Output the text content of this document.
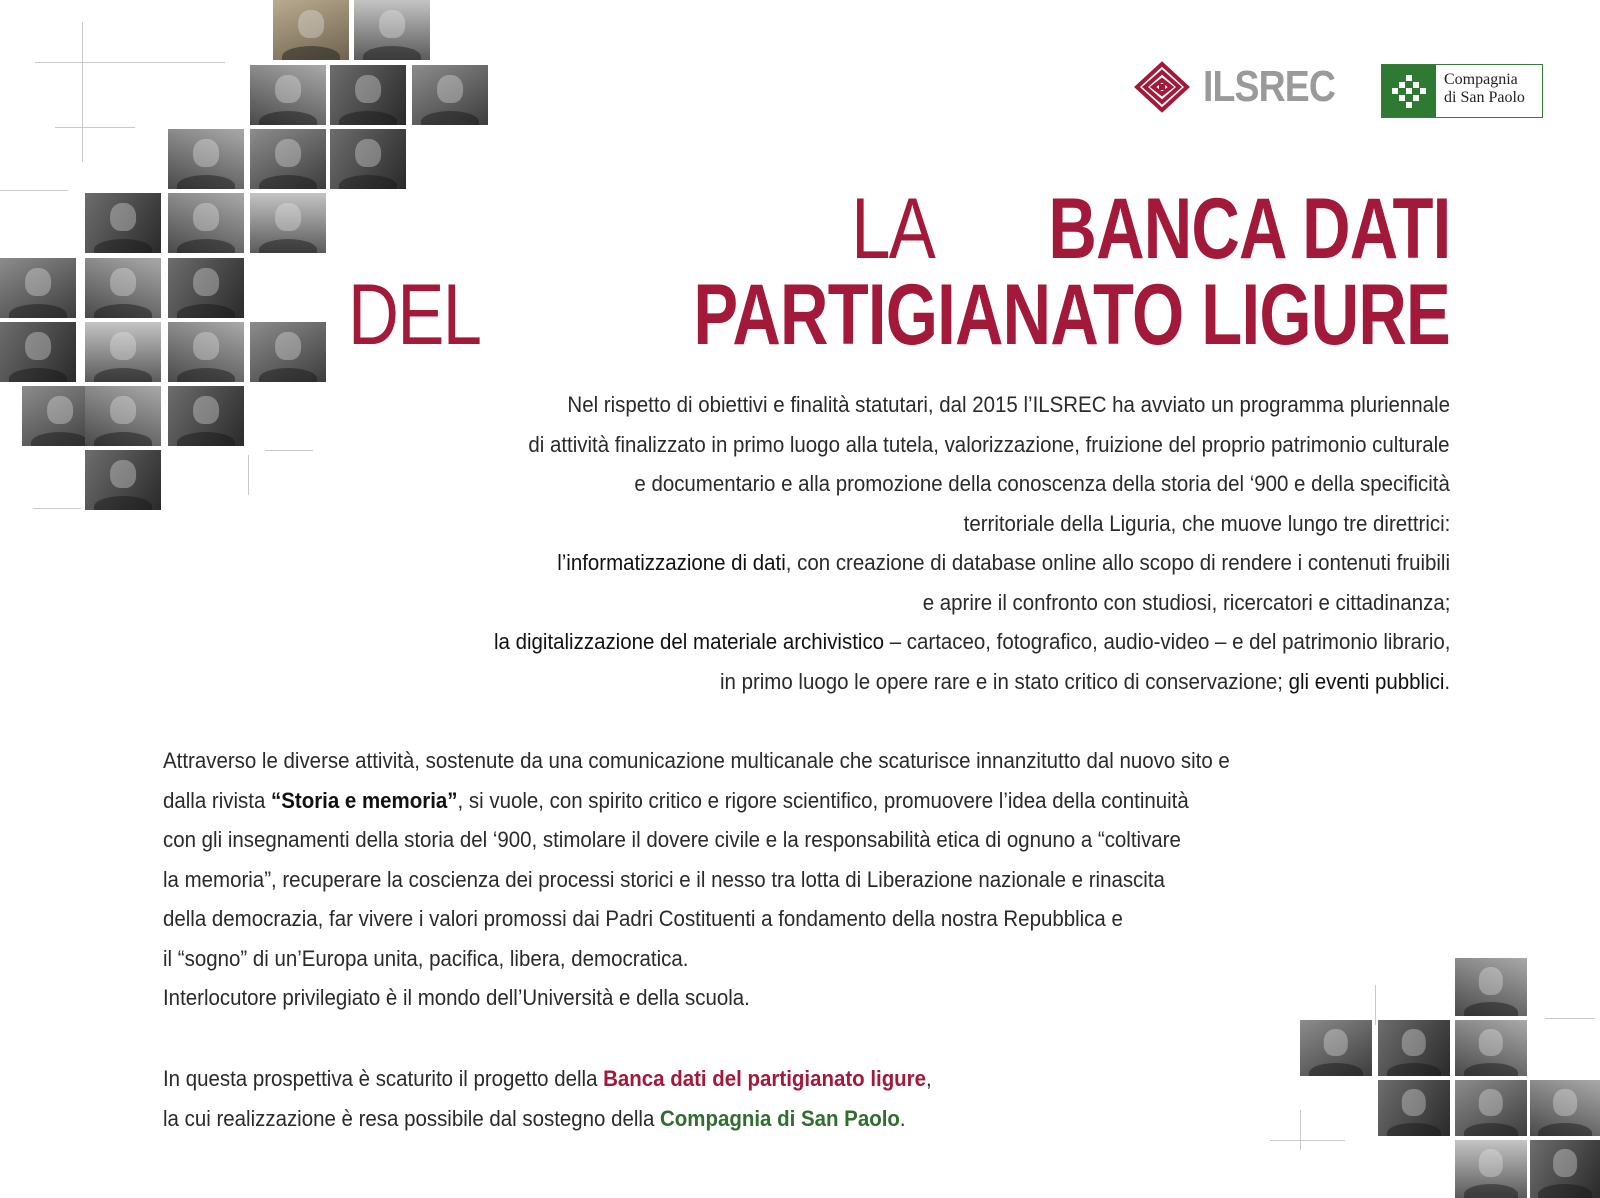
ILSREC	Compagnia
di San Paolo
LABANCA DATI
DELPARTIGIANATO LIGURE
Nel rispetto di obiettivi e finalità statutari, dal 2015 l’ILSREC ha avviato un programma pluriennale
di attività finalizzato in primo luogo alla tutela, valorizzazione, fruizione del proprio patrimonio culturale
e documentario e alla promozione della conoscenza della storia del ‘900 e della specificità
territoriale della Liguria, che muove lungo tre direttrici:
l’informatizzazione di dati, con creazione di database online allo scopo di rendere i contenuti fruibili
e aprire il confronto con studiosi, ricercatori e cittadinanza;
la digitalizzazione del materiale archivistico – cartaceo, fotografico, audio-video – e del patrimonio librario,
in primo luogo le opere rare e in stato critico di conservazione; gli eventi pubblici.
Attraverso le diverse attività, sostenute da una comunicazione multicanale che scaturisce innanzitutto dal nuovo sito e
dalla rivista “Storia e memoria”, si vuole, con spirito critico e rigore scientifico, promuovere l’idea della continuità
con gli insegnamenti della storia del ‘900, stimolare il dovere civile e la responsabilità etica di ognuno a “coltivare
la memoria”, recuperare la coscienza dei processi storici e il nesso tra lotta di Liberazione nazionale e rinascita
della democrazia, far vivere i valori promossi dai Padri Costituenti a fondamento della nostra Repubblica e
il “sogno” di un’Europa unita, pacifica, libera, democratica.
Interlocutore privilegiato è il mondo dell’Università e della scuola.
In questa prospettiva è scaturito il progetto della Banca dati del partigianato ligure,
la cui realizzazione è resa possibile dal sostegno della Compagnia di San Paolo.
